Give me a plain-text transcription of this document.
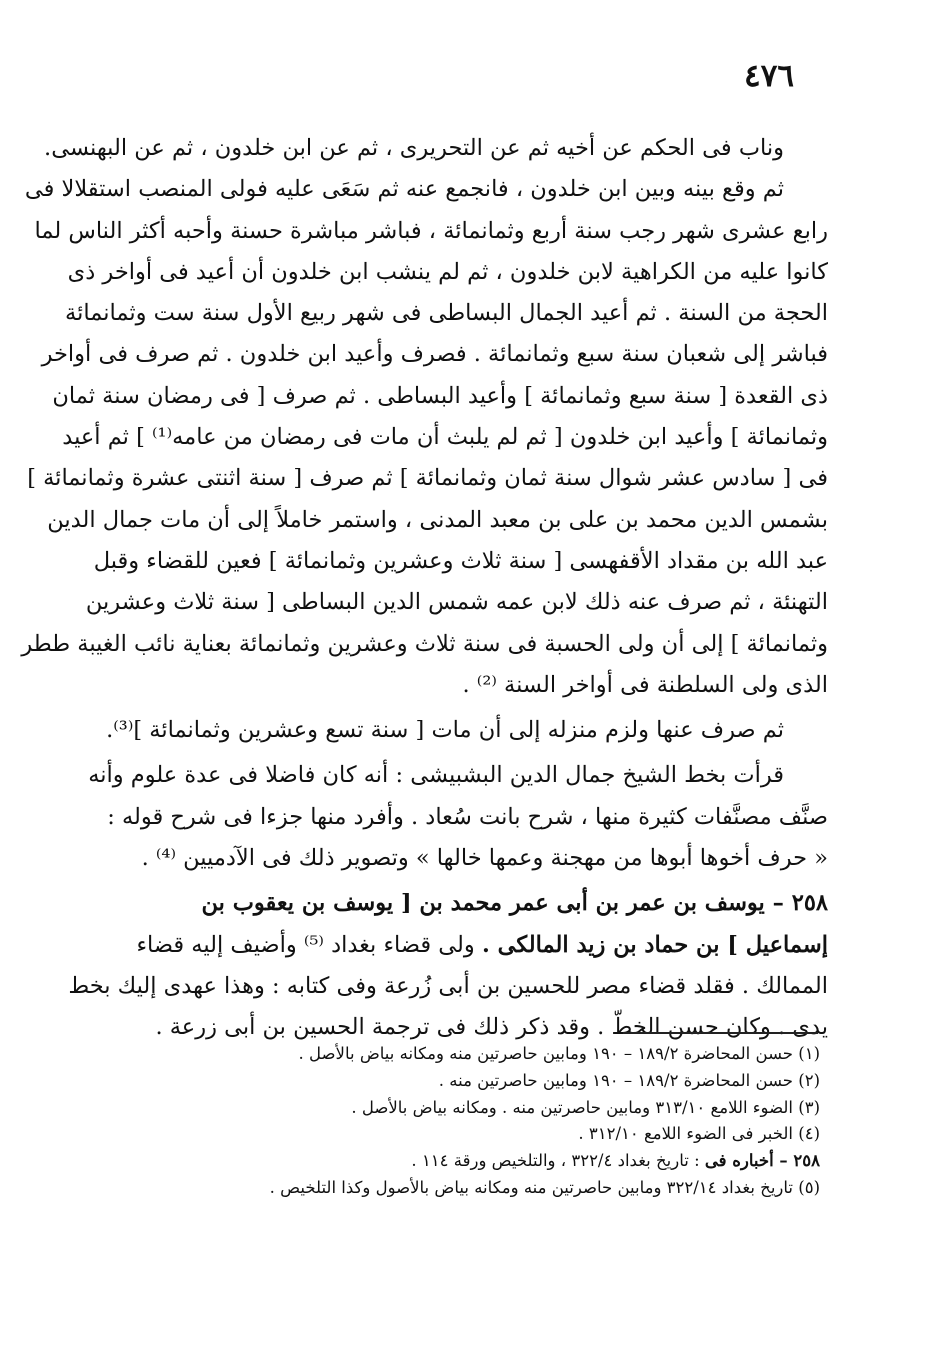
٤٧٦

وناب فى الحكم عن أخيه ثم عن التحريرى ، ثم عن ابن خلدون ، ثم عن البهنسى.

ثم وقع بينه وبين ابن خلدون ، فانجمع عنه ثم سَعَى عليه فولى المنصب استقلالا فى
رابع عشرى شهر رجب سنة أربع وثمانمائة ، فباشر مباشرة حسنة وأحبه أكثر الناس لما
كانوا عليه من الكراهية لابن خلدون ، ثم لم ينشب ابن خلدون أن أعيد فى أواخر ذى
الحجة من السنة . ثم أعيد الجمال البساطى فى شهر ربيع الأول سنة ست وثمانمائة
فباشر إلى شعبان سنة سبع وثمانمائة . فصرف وأعيد ابن خلدون . ثم صرف فى أواخر
ذى القعدة [ سنة سبع وثمانمائة ] وأعيد البساطى . ثم صرف [ فى رمضان سنة ثمان
وثمانمائة ] وأعيد ابن خلدون [ ثم لم يلبث أن مات فى رمضان من عامه⁽¹⁾ ] ثم أعيد
فى [ سادس عشر شوال سنة ثمان وثمانمائة ] ثم صرف [ سنة اثنتى عشرة وثمانمائة ]
بشمس الدين محمد بن على بن معبد المدنى ، واستمر خاملاً إلى أن مات جمال الدين
عبد الله بن مقداد الأقفهسى [ سنة ثلاث وعشرين وثمانمائة ] فعين للقضاء وقبل
التهنئة ، ثم صرف عنه ذلك لابن عمه شمس الدين البساطى [ سنة ثلاث وعشرين
وثمانمائة ] إلى أن ولى الحسبة فى سنة ثلاث وعشرين وثمانمائة بعناية نائب الغيبة ططر
الذى ولى السلطنة فى أواخر السنة ⁽²⁾ .

ثم صرف عنها ولزم منزله إلى أن مات [ سنة تسع وعشرين وثمانمائة ]⁽³⁾.

قرأت بخط الشيخ جمال الدين البشبيشى : أنه كان فاضلا فى عدة علوم وأنه
صنَّف مصنَّفات كثيرة منها ، شرح بانت سُعاد . وأفرد منها جزءا فى شرح قوله :
« حرف أخوها أبوها من مهجنة وعمها خالها » وتصوير ذلك فى الآدميين ⁽⁴⁾ .

٢٥٨ – يوسف بن عمر بن أبى عمر محمد بن [ يوسف بن يعقوب بن
إسماعيل ] بن حماد بن زيد المالكى . ولى قضاء بغداد ⁽⁵⁾ وأضيف إليه قضاء
الممالك . فقلد قضاء مصر للحسين بن أبى زُرعة وفى كتابه : وهذا عهدى إليك بخط
يدى . وكان حسن الخطّ . وقد ذكر ذلك فى ترجمة الحسين بن أبى زرعة .

(١) حسن المحاضرة ١٨٩/٢ – ١٩٠ ومابين حاصرتين منه ومكانه بياض بالأصل .
(٢) حسن المحاضرة ١٨٩/٢ – ١٩٠ ومابين حاصرتين منه .
(٣) الضوء اللامع ٣١٣/١٠ ومابين حاصرتين منه . ومكانه بياض بالأصل .
(٤) الخبر فى الضوء اللامع ٣١٢/١٠ .
٢٥٨ – أخباره فى : تاريخ بغداد ٣٢٢/٤ ، والتلخيص ورقة ١١٤ .
(٥) تاريخ بغداد ٣٢٢/١٤ ومابين حاصرتين منه ومكانه بياض بالأصول وكذا التلخيص .
